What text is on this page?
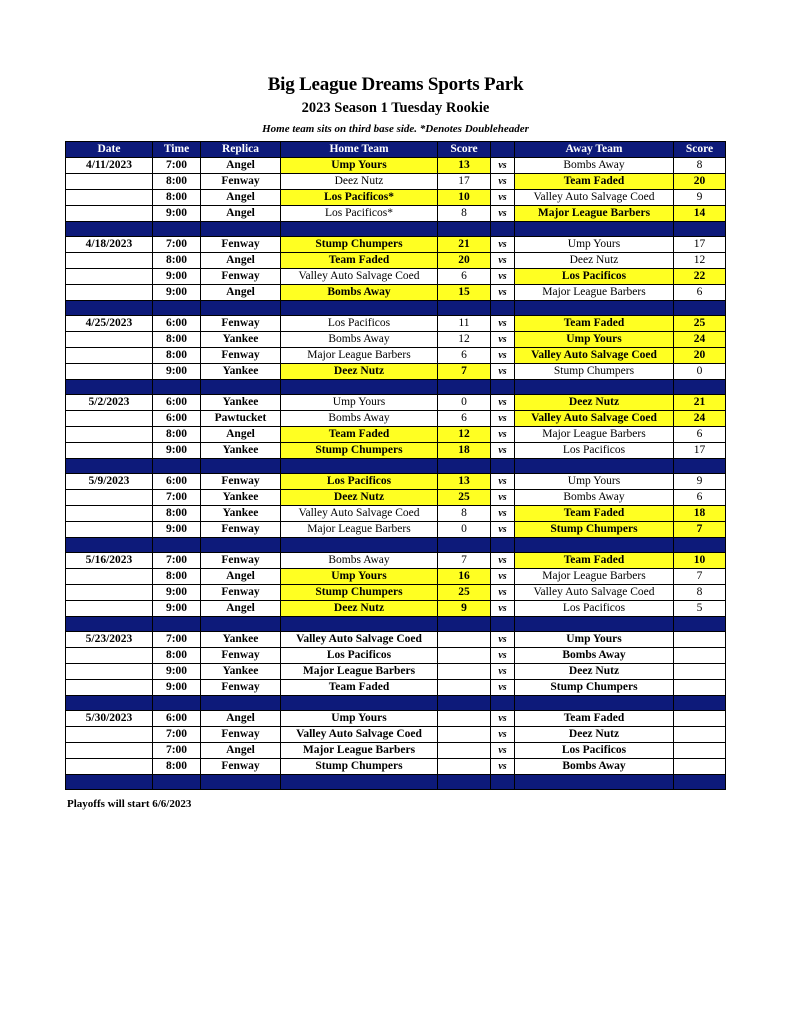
Big League Dreams Sports Park
2023 Season 1 Tuesday Rookie
Home team sits on third base side. *Denotes Doubleheader
Date	Time	Replica	Home Team	Score		Away Team	Score
4/11/2023	7:00	Angel	Ump Yours	13	vs	Bombs Away	8
	8:00	Fenway	Deez Nutz	17	vs	Team Faded	20
	8:00	Angel	Los Pacificos*	10	vs	Valley Auto Salvage Coed	9
	9:00	Angel	Los Pacificos*	8	vs	Major League Barbers	14

4/18/2023	7:00	Fenway	Stump Chumpers	21	vs	Ump Yours	17
	8:00	Angel	Team Faded	20	vs	Deez Nutz	12
	9:00	Fenway	Valley Auto Salvage Coed	6	vs	Los Pacificos	22
	9:00	Angel	Bombs Away	15	vs	Major League Barbers	6

4/25/2023	6:00	Fenway	Los Pacificos	11	vs	Team Faded	25
	8:00	Yankee	Bombs Away	12	vs	Ump Yours	24
	8:00	Fenway	Major League Barbers	6	vs	Valley Auto Salvage Coed	20
	9:00	Yankee	Deez Nutz	7	vs	Stump Chumpers	0

5/2/2023	6:00	Yankee	Ump Yours	0	vs	Deez Nutz	21
	6:00	Pawtucket	Bombs Away	6	vs	Valley Auto Salvage Coed	24
	8:00	Angel	Team Faded	12	vs	Major League Barbers	6
	9:00	Yankee	Stump Chumpers	18	vs	Los Pacificos	17

5/9/2023	6:00	Fenway	Los Pacificos	13	vs	Ump Yours	9
	7:00	Yankee	Deez Nutz	25	vs	Bombs Away	6
	8:00	Yankee	Valley Auto Salvage Coed	8	vs	Team Faded	18
	9:00	Fenway	Major League Barbers	0	vs	Stump Chumpers	7

5/16/2023	7:00	Fenway	Bombs Away	7	vs	Team Faded	10
	8:00	Angel	Ump Yours	16	vs	Major League Barbers	7
	9:00	Fenway	Stump Chumpers	25	vs	Valley Auto Salvage Coed	8
	9:00	Angel	Deez Nutz	9	vs	Los Pacificos	5

5/23/2023	7:00	Yankee	Valley Auto Salvage Coed		vs	Ump Yours	
	8:00	Fenway	Los Pacificos		vs	Bombs Away	
	9:00	Yankee	Major League Barbers		vs	Deez Nutz	
	9:00	Fenway	Team Faded		vs	Stump Chumpers	

5/30/2023	6:00	Angel	Ump Yours		vs	Team Faded	
	7:00	Fenway	Valley Auto Salvage Coed		vs	Deez Nutz	
	7:00	Angel	Major League Barbers		vs	Los Pacificos	
	8:00	Fenway	Stump Chumpers		vs	Bombs Away	

Playoffs will start 6/6/2023
